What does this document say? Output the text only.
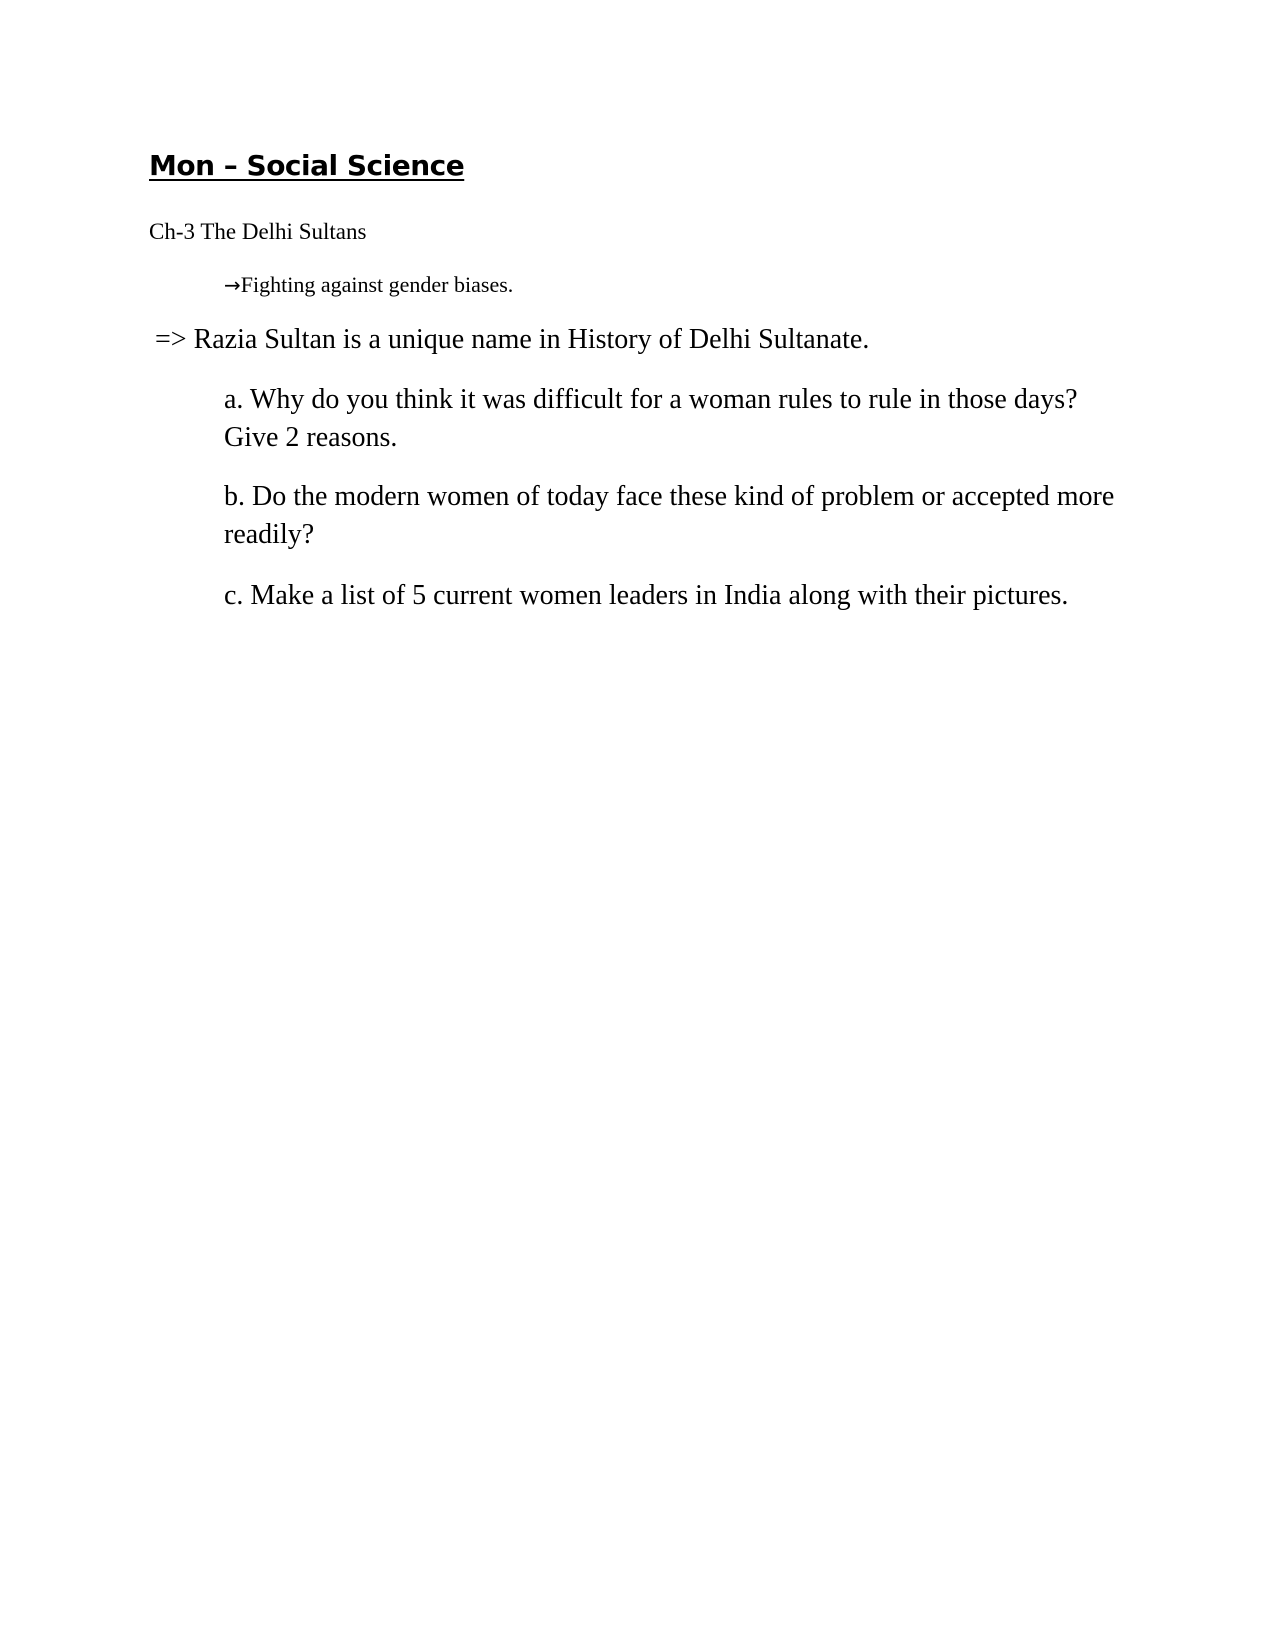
Mon – Social Science
Ch-3 The Delhi Sultans
→Fighting against gender biases.
=> Razia Sultan is a unique name in History of Delhi Sultanate.

a. Why do you think it was difficult for a woman rules to rule in those days? Give 2 reasons.

b. Do the modern women of today face these kind of problem or accepted more readily?

c. Make a list of 5 current women leaders in India along with their pictures.
